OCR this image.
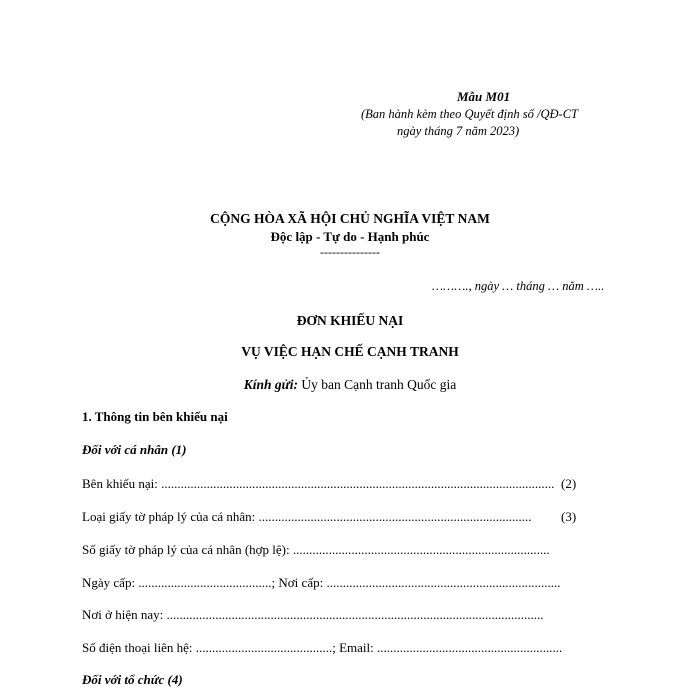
Mẫu M01
(Ban hành kèm theo Quyết định số /QĐ-CT
ngày tháng 7 năm 2023)
CỘNG HÒA XÃ HỘI CHỦ NGHĨA VIỆT NAM
Độc lập - Tự do - Hạnh phúc
---------------
………., ngày … tháng … năm …..
ĐƠN KHIẾU NẠI
VỤ VIỆC HẠN CHẾ CẠNH TRANH
Kính gửi: Ủy ban Cạnh tranh Quốc gia
1. Thông tin bên khiếu nại
Đối với cá nhân (1)
Bên khiếu nại: ......................................................................................................................... (2)
Loại giấy tờ pháp lý của cá nhân: .................................................................................... (3)
Số giấy tờ pháp lý của cá nhân (hợp lệ): ...............................................................................
Ngày cấp: .........................................; Nơi cấp: ........................................................................
Nơi ở hiện nay: ....................................................................................................................
Số điện thoại liên hệ: ..........................................; Email: .........................................................
Đối với tổ chức (4)
